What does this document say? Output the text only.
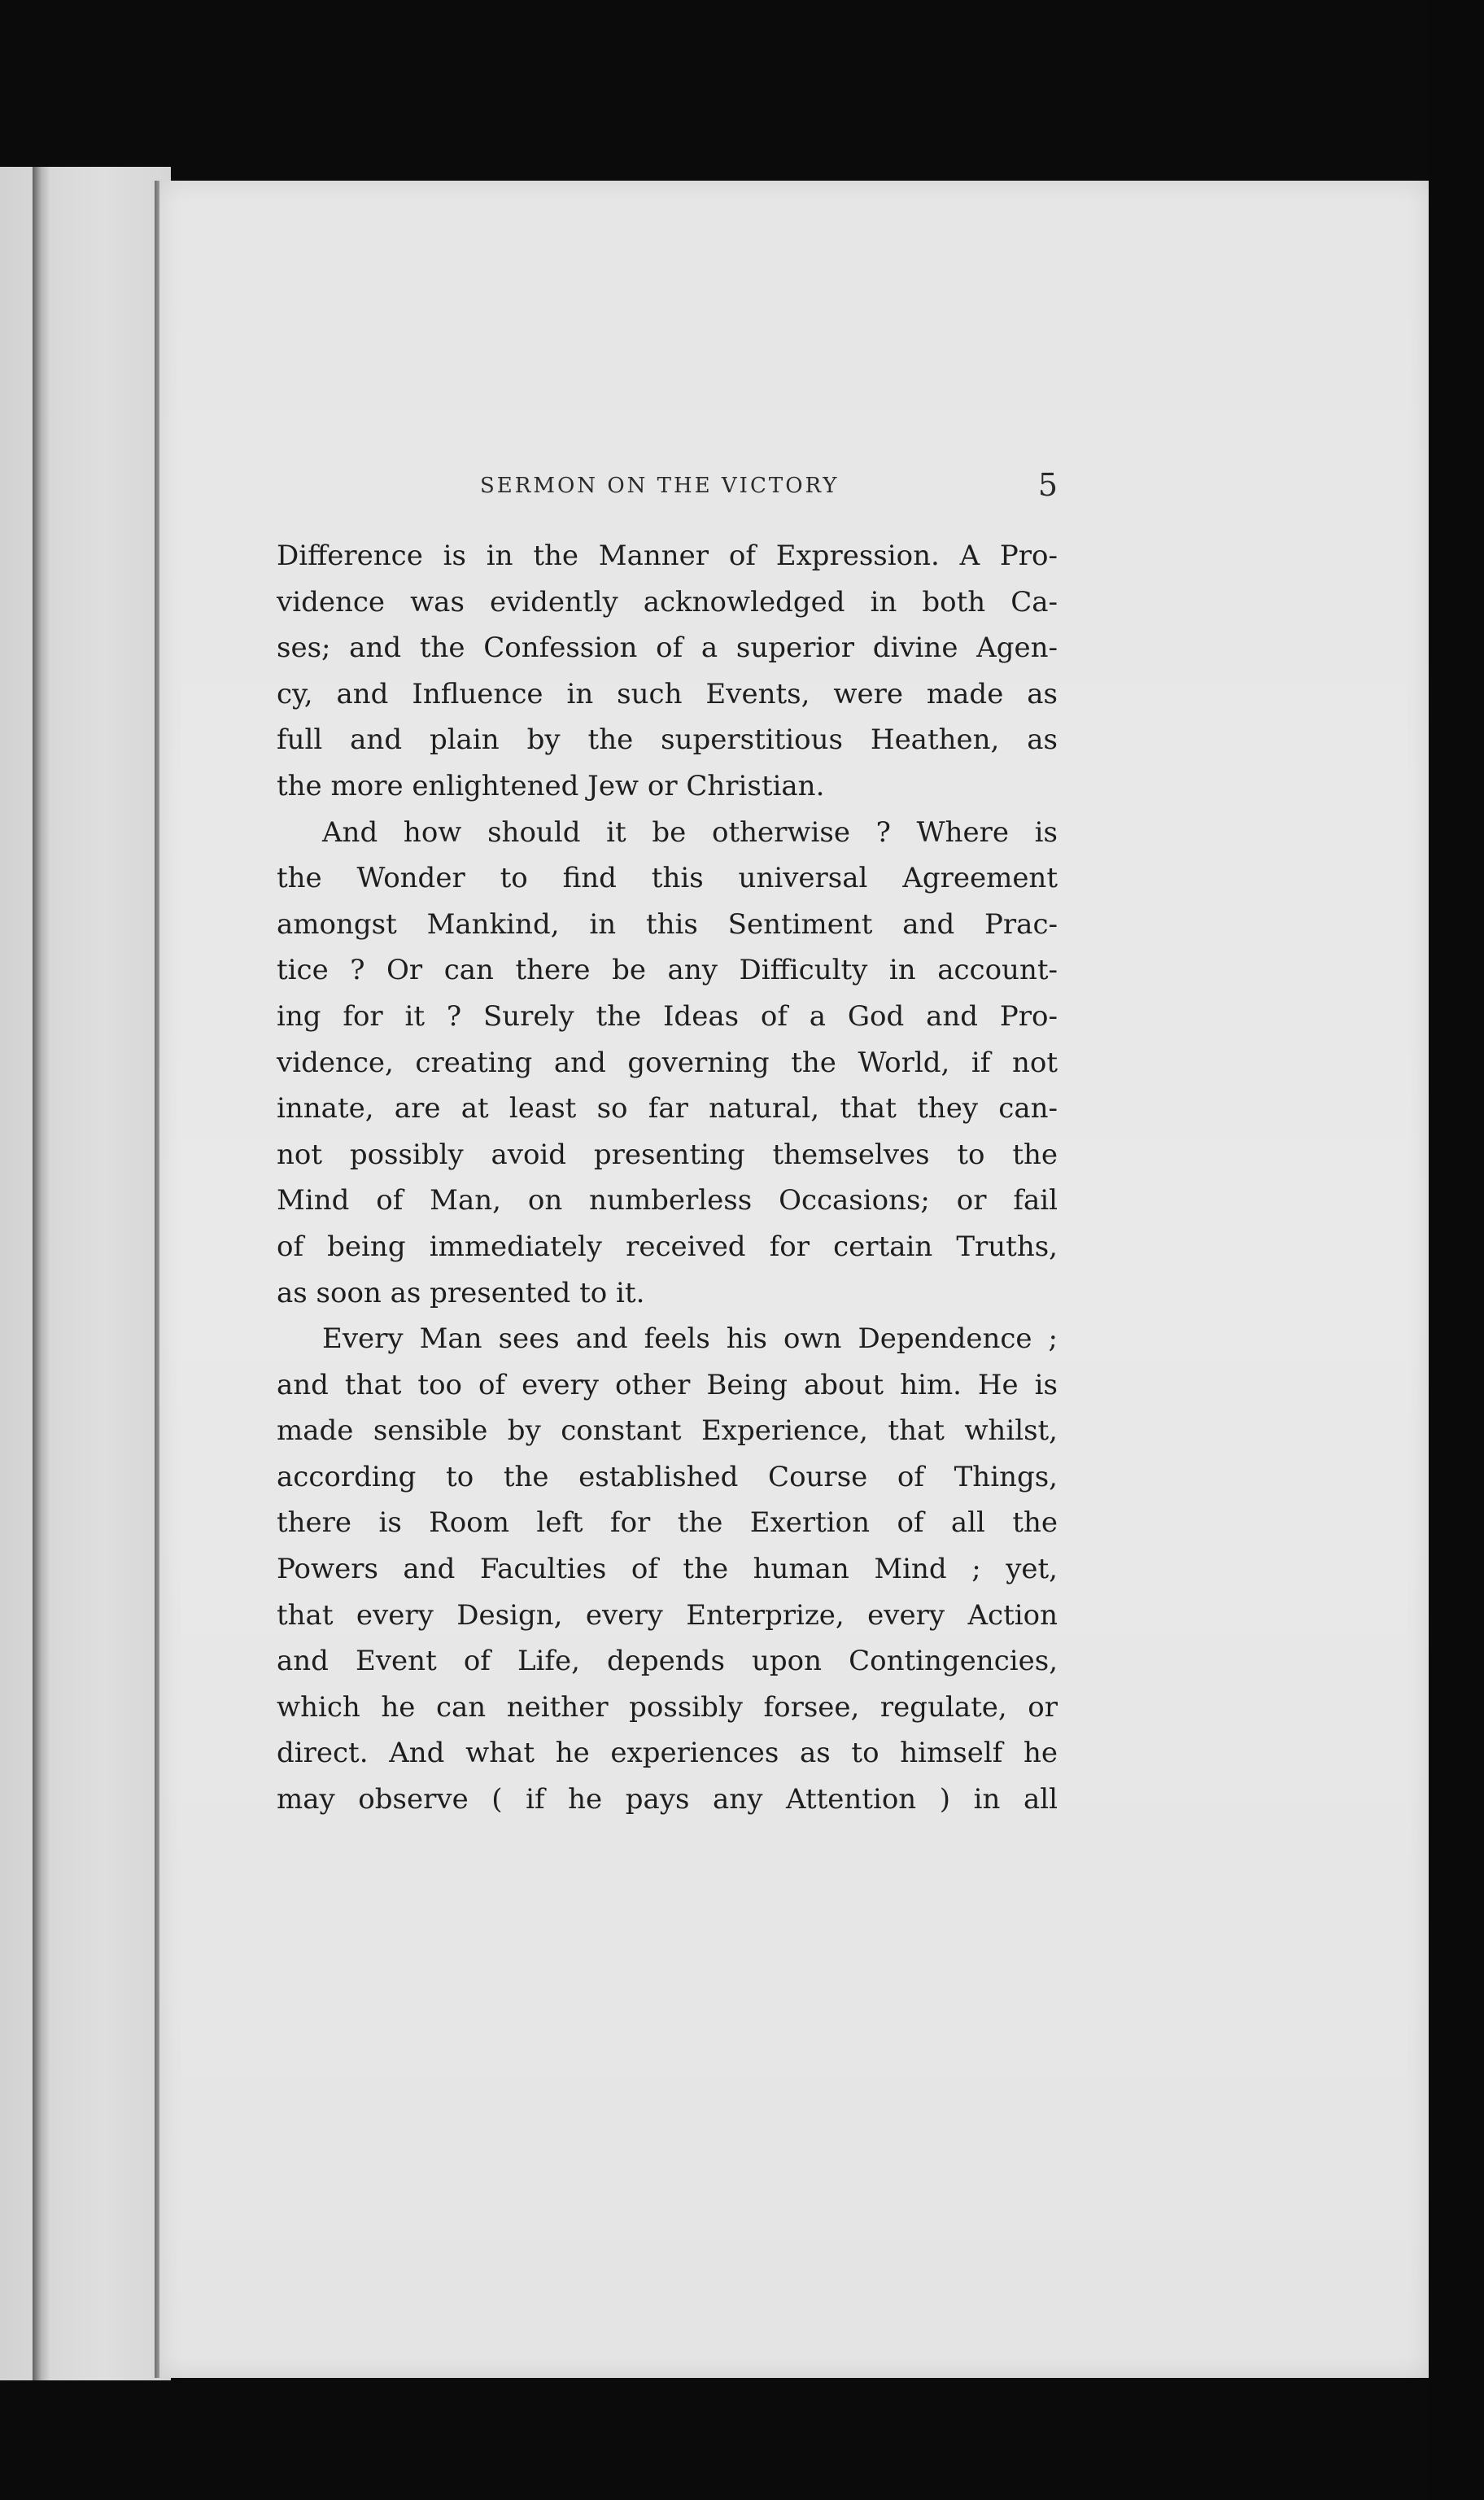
SERMON ON THE VICTORY	5
Difference is in the Manner of Expression. A Pro-
vidence was evidently acknowledged in both Ca-
ses; and the Confession of a superior divine Agen-
cy, and Influence in such Events, were made as
full and plain by the superstitious Heathen, as
the more enlightened Jew or Christian.
And how should it be otherwise ? Where is
the Wonder to find this universal Agreement
amongst Mankind, in this Sentiment and Prac-
tice ? Or can there be any Difficulty in account-
ing for it ? Surely the Ideas of a God and Pro-
vidence, creating and governing the World, if not
innate, are at least so far natural, that they can-
not possibly avoid presenting themselves to the
Mind of Man, on numberless Occasions; or fail
of being immediately received for certain Truths,
as soon as presented to it.
Every Man sees and feels his own Dependence ;
and that too of every other Being about him. He is
made sensible by constant Experience, that whilst,
according to the established Course of Things,
there is Room left for the Exertion of all the
Powers and Faculties of the human Mind ; yet,
that every Design, every Enterprize, every Action
and Event of Life, depends upon Contingencies,
which he can neither possibly forsee, regulate, or
direct. And what he experiences as to himself he
may observe ( if he pays any Attention ) in all
